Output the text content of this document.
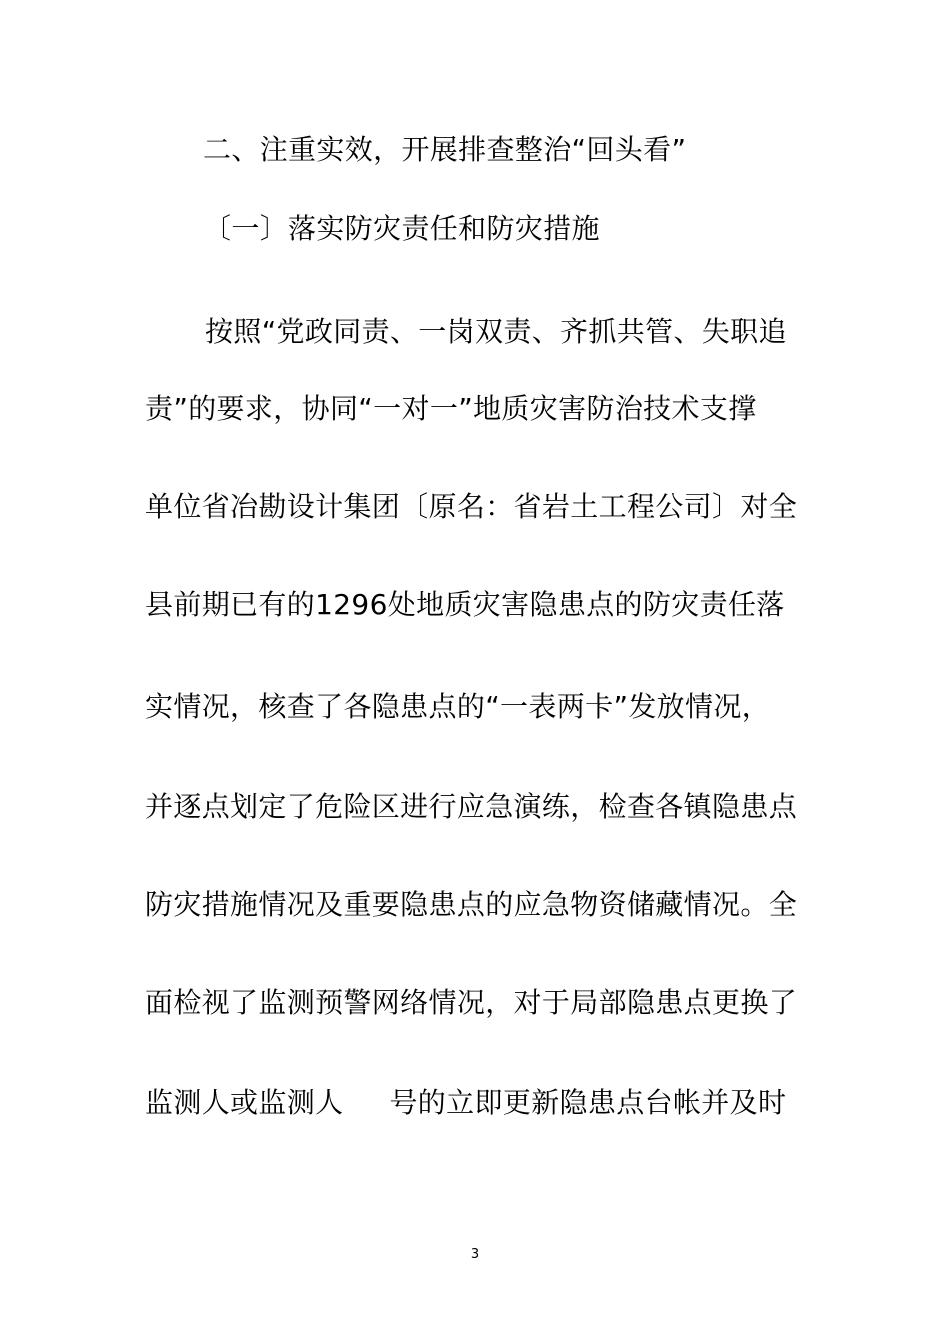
二、注重实效，开展排查整治“回头看”
〔一〕落实防灾责任和防灾措施
按照“党政同责、一岗双责、齐抓共管、失职追
责”的要求，协同“一对一”地质灾害防治技术支撑
单位省冶勘设计集团〔原名：省岩土工程公司〕对全
县前期已有的1296处地质灾害隐患点的防灾责任落
实情况，核查了各隐患点的“一表两卡”发放情况，
并逐点划定了危险区进行应急演练，检查各镇隐患点
防灾措施情况及重要隐患点的应急物资储藏情况。全
面检视了监测预警网络情况，对于局部隐患点更换了
监测人或监测人 号的立即更新隐患点台帐并及时
3
